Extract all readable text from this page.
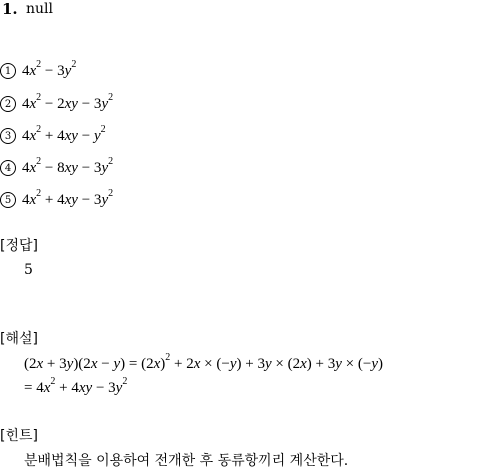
1. null
1 $4x^2 - 3y^2$
2 $4x^2 - 2xy - 3y^2$
3 $4x^2 + 4xy - y^2$
4 $4x^2 - 8xy - 3y^2$
5 $4x^2 + 4xy - 3y^2$
[정답]
5
[해설]
$(2x + 3y)(2x - y) = (2x)^2 + 2x \times (-y) + 3y \times (2x) + 3y \times (-y)$
= $4x^2 + 4xy - 3y^2$
[힌트]
분배법칙을 이용하여 전개한 후 동류항끼리 계산한다.
